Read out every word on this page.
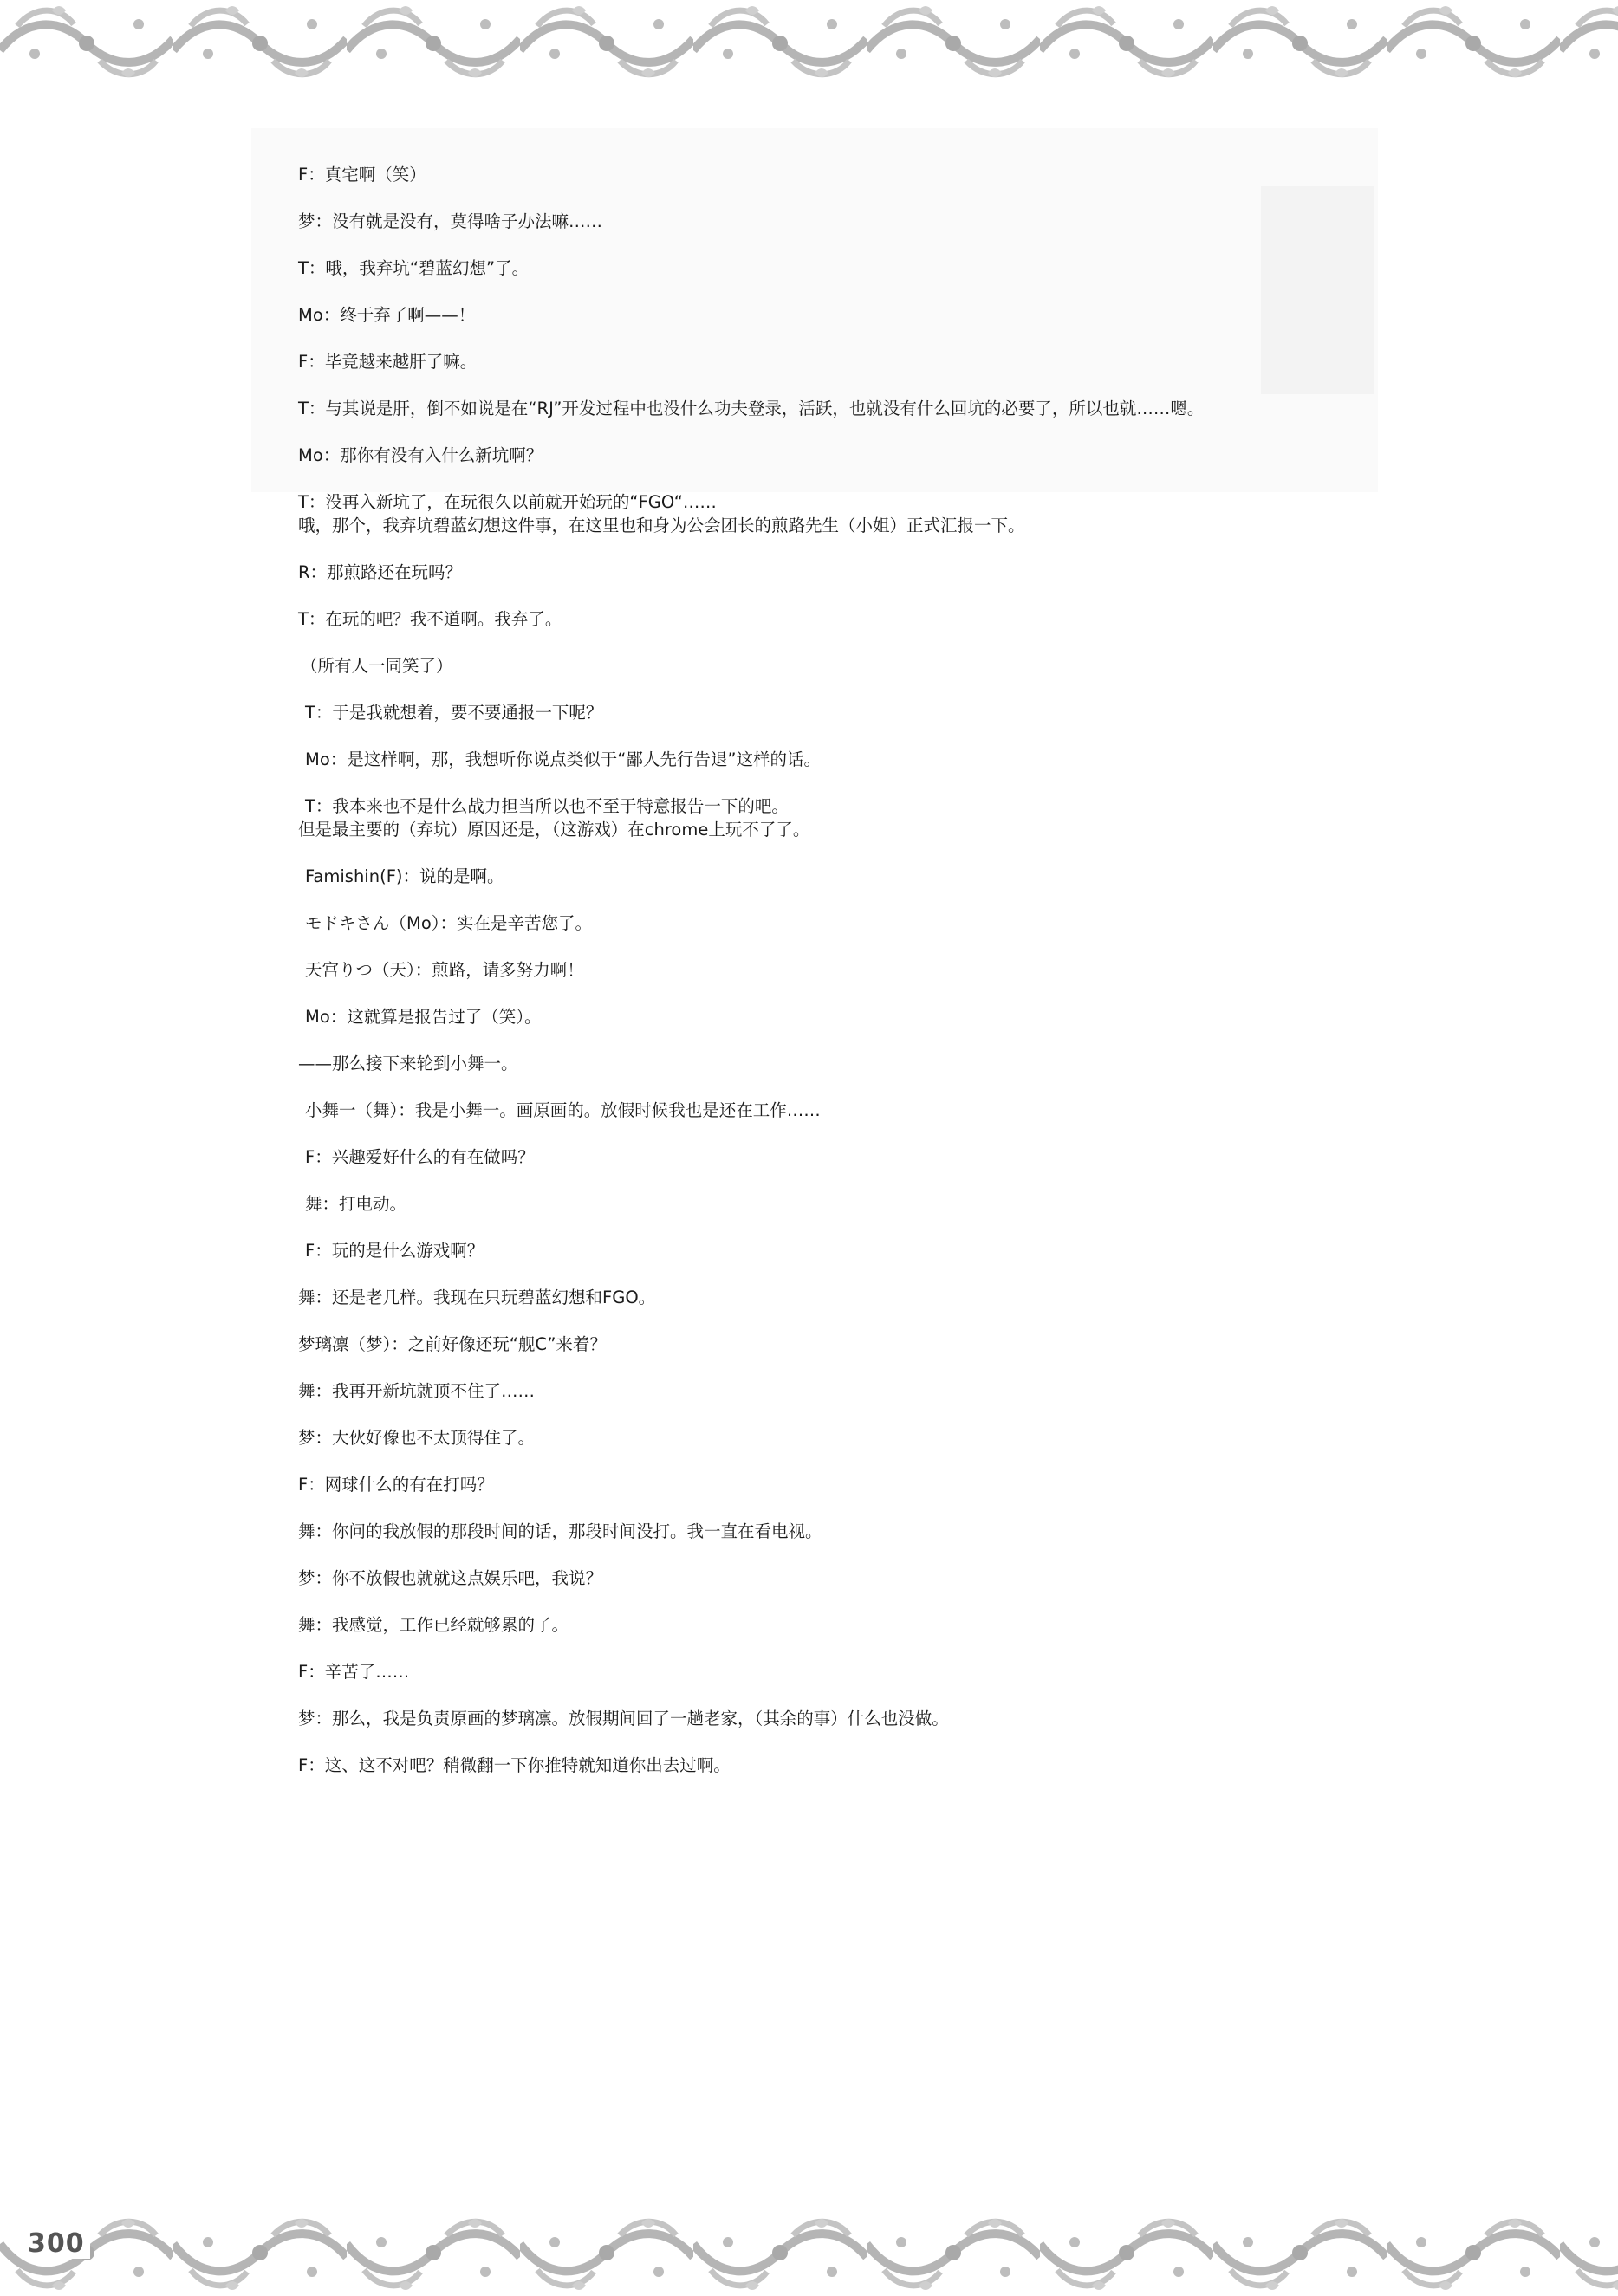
F：真宅啊（笑）
梦：没有就是没有，莫得啥子办法嘛……
T：哦，我弃坑“碧蓝幻想”了。
Mo：终于弃了啊——！
F：毕竟越来越肝了嘛。
T：与其说是肝，倒不如说是在“RJ”开发过程中也没什么功夫登录，活跃，也就没有什么回坑的必要了，所以也就……嗯。
Mo：那你有没有入什么新坑啊？
T：没再入新坑了，在玩很久以前就开始玩的“FGO“……
哦，那个，我弃坑碧蓝幻想这件事，在这里也和身为公会团长的煎路先生（小姐）正式汇报一下。
R：那煎路还在玩吗？
T：在玩的吧？我不道啊。我弃了。
（所有人一同笑了）
T：于是我就想着，要不要通报一下呢？
Mo：是这样啊，那，我想听你说点类似于“鄙人先行告退”这样的话。
T：我本来也不是什么战力担当所以也不至于特意报告一下的吧。
但是最主要的（弃坑）原因还是，（这游戏）在chrome上玩不了了。
Famishin(F)：说的是啊。
モドキさん（Mo）：实在是辛苦您了。
天宫りつ（天）：煎路，请多努力啊！
Mo：这就算是报告过了（笑）。
——那么接下来轮到小舞一。
小舞一（舞）：我是小舞一。画原画的。放假时候我也是还在工作……
F：兴趣爱好什么的有在做吗？
舞：打电动。
F：玩的是什么游戏啊？
舞：还是老几样。我现在只玩碧蓝幻想和FGO。
梦璃凛（梦）：之前好像还玩“舰C”来着？
舞：我再开新坑就顶不住了……
梦：大伙好像也不太顶得住了。
F：网球什么的有在打吗？
舞：你问的我放假的那段时间的话，那段时间没打。我一直在看电视。
梦：你不放假也就就这点娱乐吧，我说？
舞：我感觉，工作已经就够累的了。
F：辛苦了……
梦：那么，我是负责原画的梦璃凛。放假期间回了一趟老家，（其余的事）什么也没做。
F：这、这不对吧？稍微翻一下你推特就知道你出去过啊。
300
